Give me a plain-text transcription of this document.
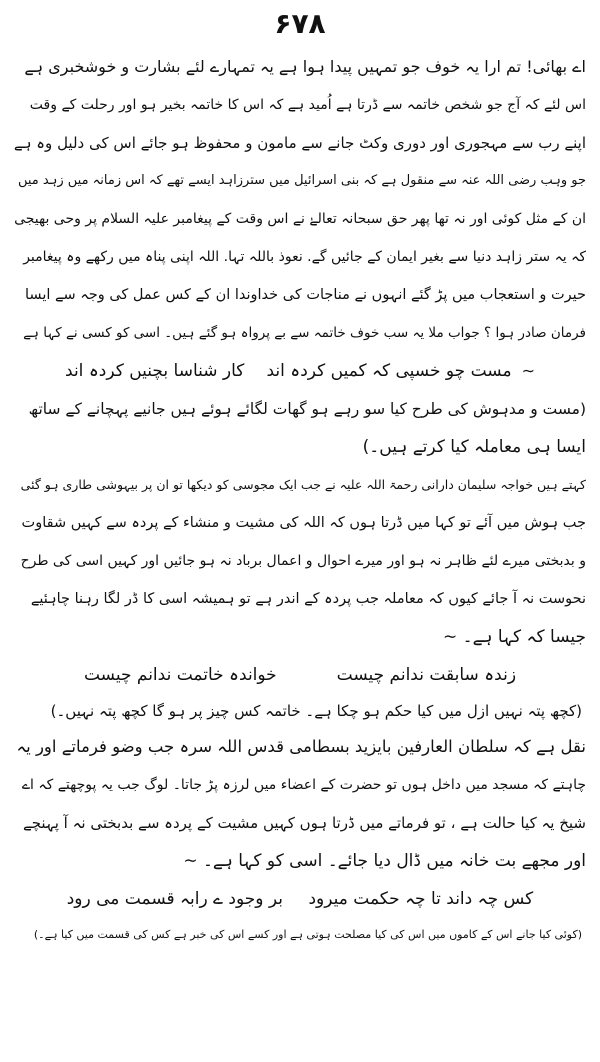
۶۷۸
اے بھائی! تم ارا یہ خوف جو تمہیں پیدا ہوا ہے یہ تمہارے لئے بشارت و خوشخبری ہے
اس لئے کہ آج جو شخص خاتمہ سے ڈرتا ہے اُمید ہے کہ اس کا خاتمہ بخیر ہو اور رحلت کے وقت
اپنے رب سے مہجوری اور دوری وکٹ جانے سے مامون و محفوظ ہو جائے اس کی دلیل وہ ہے
جو وہب رضی اللہ عنہ سے منقول ہے کہ بنی اسرائیل میں سترزاہد ایسے تھے کہ اس زمانہ میں زہد میں
ان کے مثل کوئی اور نہ تھا پھر حق سبحانہ تعالےٰ نے اس وقت کے پیغامبر علیہ السلام پر وحی بھیجی
کہ یہ ستر زاہد دنیا سے بغیر ایمان کے جائیں گے. نعوذ باللہ تہا. اللہ اپنی پناہ میں رکھے وہ پیغامبر
حیرت و استعجاب میں پڑ گئے انہوں نے مناجات کی خداوندا ان کے کس عمل کی وجہ سے ایسا
فرمان صادر ہوا ؟ جواب ملا یہ سب خوف خاتمہ سے بے پرواہ ہو گئے ہیں۔ اسی کو کسی نے کہا ہے
∽مست چو خسپی کہ کمیں کردہ اند
کار شناسا بچنیں کردہ اند
(مست و مدہوش کی طرح کیا سو رہے ہو گھات لگائے ہوئے ہیں جانیے پہچانے کے ساتھ
ایسا ہی معاملہ کیا کرتے ہیں۔)
کہتے ہیں خواجہ سلیمان دارانی رحمۃ اللہ علیہ نے جب ایک مجوسی کو دیکھا تو ان پر بیہوشی طاری ہو گئی
جب ہوش میں آئے تو کہا میں ڈرتا ہوں کہ اللہ کی مشیت و منشاء کے پردہ سے کہیں شقاوت
و بدبختی میرے لئے ظاہر نہ ہو اور میرے احوال و اعمال برباد نہ ہو جائیں اور کہیں اسی کی طرح
نحوست نہ آ جائے کیوں کہ معاملہ جب پردہ کے اندر ہے تو ہمیشہ اسی کا ڈر لگا رہنا چاہئیے
جیسا کہ کہا ہے۔ ∽
زندہ سابقت ندانم چیست
خواندہ خاتمت ندانم چیست
(کچھ پتہ نہیں ازل میں کیا حکم ہو چکا ہے۔ خاتمہ کس چیز پر ہو گا کچھ پتہ نہیں۔)
نقل ہے کہ سلطان العارفین بایزید بسطامی قدس اللہ سرہ جب وضو فرماتے اور یہ
چاہتے کہ مسجد میں داخل ہوں تو حضرت کے اعضاء میں لرزہ پڑ جاتا۔ لوگ جب یہ پوچھتے کہ اے
شیخ یہ کیا حالت ہے ، تو فرماتے میں ڈرتا ہوں کہیں مشیت کے پردہ سے بدبختی نہ آ پہنچے
اور مجھے بت خانہ میں ڈال دیا جائے۔ اسی کو کہا ہے۔ ∽
کس چہ داند تا چہ حکمت میرود
بر وجود ے رابہ قسمت می رود
(کوئی کیا جانے اس کے کاموں میں اس کی کیا مصلحت ہوتی ہے اور کسے اس کی خبر ہے کس کی قسمت میں کیا ہے۔)
